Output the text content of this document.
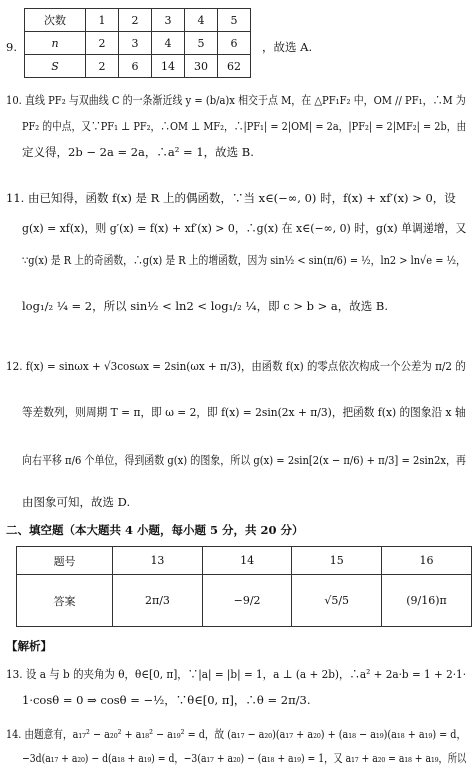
9.
次数	1	2	3	4	5
n	2	3	4	5	6
S	2	6	14	30	62
，故选 A.
10. 直线 PF₂ 与双曲线 C 的一条渐近线 y = (b/a)x 相交于点 M，在 △PF₁F₂ 中，OM // PF₁，∴M 为
PF₂ 的中点，又∵PF₁ ⊥ PF₂，∴OM ⊥ MF₂，∴|PF₁| = 2|OM| = 2a，|PF₂| = 2|MF₂| = 2b，由
定义得，2b − 2a = 2a，∴a² = 1，故选 B.
11. 由已知得，函数 f(x) 是 R 上的偶函数，∵当 x∈(−∞, 0) 时，f(x) + xf′(x) > 0，设
g(x) = xf(x)，则 g′(x) = f(x) + xf′(x) > 0，∴g(x) 在 x∈(−∞, 0) 时，g(x) 单调递增，又
∵g(x) 是 R 上的奇函数，∴g(x) 是 R 上的增函数，因为 sin½ < sin(π/6) = ½，ln2 > ln√e = ½，
log₁/₂ ¼ = 2，所以 sin½ < ln2 < log₁/₂ ¼，即 c > b > a，故选 B.
12. f(x) = sinωx + √3cosωx = 2sin(ωx + π/3)，由函数 f(x) 的零点依次构成一个公差为 π/2 的
等差数列，则周期 T = π，即 ω = 2，即 f(x) = 2sin(2x + π/3)，把函数 f(x) 的图象沿 x 轴
向右平移 π/6 个单位，得到函数 g(x) 的图象，所以 g(x) = 2sin[2(x − π/6) + π/3] = 2sin2x，再
由图象可知，故选 D.
二、填空题（本大题共 4 小题，每小题 5 分，共 20 分）
题号	13	14	15	16
答案	2π/3	−9/2	√5/5	(9/16)π
【解析】
13. 设 a 与 b 的夹角为 θ，θ∈[0, π]，∵|a| = |b| = 1，a ⊥ (a + 2b)，∴a² + 2a·b = 1 + 2·1·
1·cosθ = 0 ⇒ cosθ = −½，∵θ∈[0, π]，∴θ = 2π/3.
14. 由题意有，a₁₇² − a₂₀² + a₁₈² − a₁₉² = d，故 (a₁₇ − a₂₀)(a₁₇ + a₂₀) + (a₁₈ − a₁₉)(a₁₈ + a₁₉) = d，
−3d(a₁₇ + a₂₀) − d(a₁₈ + a₁₉) = d，−3(a₁₇ + a₂₀) − (a₁₈ + a₁₉) = 1，又 a₁₇ + a₂₀ = a₁₈ + a₁₉，所以
